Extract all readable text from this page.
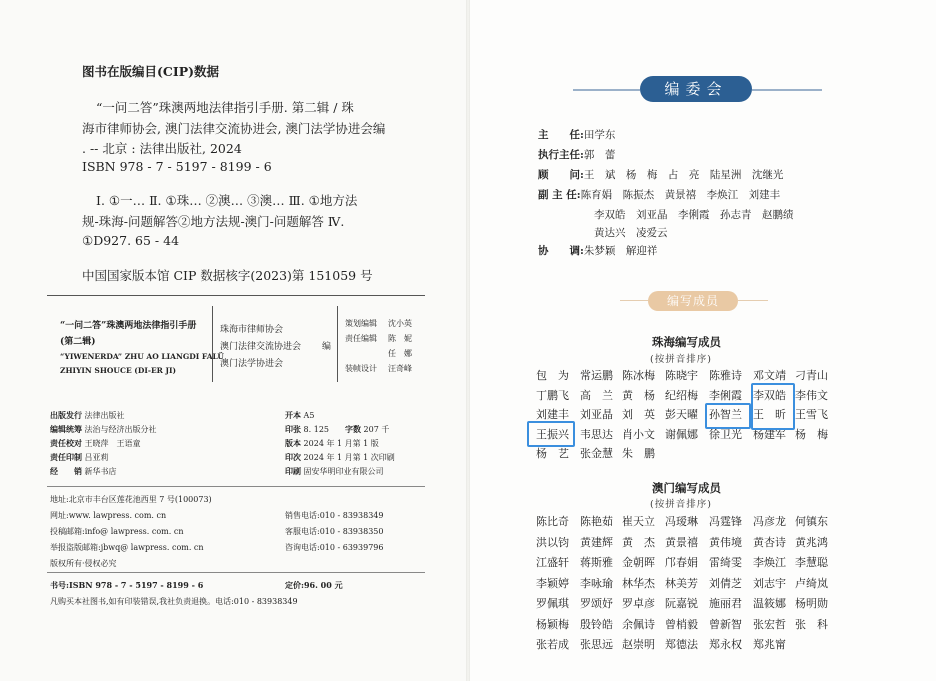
图书在版编目(CIP)数据
“一问二答”珠澳两地法律指引手册. 第二辑 / 珠
海市律师协会, 澳门法律交流协进会, 澳门法学协进会编
. -- 北京 : 法律出版社, 2024
ISBN 978 - 7 - 5197 - 8199 - 6
Ⅰ. ①一… Ⅱ. ①珠… ②澳… ③澳… Ⅲ. ①地方法
规-珠海-问题解答②地方法规-澳门-问题解答 Ⅳ.
①D927. 65 - 44
中国国家版本馆 CIP 数据核字(2023)第 151059 号
“一问二答”珠澳两地法律指引手册
(第二辑)
“YIWENERDA” ZHU AO LIANGDI FALÜ
ZHIYIN SHOUCE (DI-ER JI)
珠海市律师协会
澳门法律交流协进会
澳门法学协进会
编
策划编辑 沈小英
责任编辑 陈　妮
任　娜
装帧设计 汪奇峰
出版发行 法律出版社
编辑统筹 法治与经济出版分社
责任校对 王晓萍　王语童
责任印制 吕亚莉
经　　销 新华书店
开本 A5
印张 8. 125   字数 207 千
版本 2024 年 1 月第 1 版
印次 2024 年 1 月第 1 次印刷
印刷 固安华明印业有限公司
地址:北京市丰台区莲花池西里 7 号(100073)
网址:www. lawpress. com. cn
投稿邮箱:info@ lawpress. com. cn
举报盗版邮箱:jbwq@ lawpress. com. cn
版权所有·侵权必究
销售电话:010 - 83938349
客服电话:010 - 83938350
咨询电话:010 - 63939796
书号:ISBN 978 - 7 - 5197 - 8199 - 6	定价:96. 00 元
凡购买本社图书,如有印装错误,我社负责退换。电话:010 - 83938349
编委会
主　　任:田学东
执行主任:郭　蕾
顾　　问:王　斌　杨　梅　占　亮　陆星洲　沈继光
副 主 任:陈育娟　陈振杰　黄景禧　李焕江　刘建丰
李双皓　刘亚晶　李俐霞　孙志青　赵鹏绩
黄达兴　凌爱云
协　　调:朱梦颖　解迎祥
编写成员
珠海编写成员
(按拼音排序)
包　为 常运鹏 陈冰梅 陈晓宇 陈雅诗 邓文靖 刁青山
丁鹏飞 高　兰 黄　杨 纪绍梅 李俐霞 李双皓 李伟文
刘建丰 刘亚晶 刘　英 彭天曜 孙智兰 王　昕 王雪飞
王振兴 韦思达 肖小文 谢佩娜 徐卫光 杨建军 杨　梅
杨　艺 张金慧 朱　鹏
澳门编写成员
(按拼音排序)
陈比奇 陈艳茹 崔天立 冯瑷琳 冯霆锋 冯彦龙 何镇东
洪以钧 黄建辉 黄　杰 黄景禧 黄伟境 黄杏诗 黄兆鸿
江盛轩 蒋斯雅 金朝晖 邝春娟 雷绮雯 李焕江 李慧聪
李颖婷 李咏瑜 林华杰 林美芳 刘倩芝 刘志宇 卢绮岚
罗佩琪 罗颂妤 罗卓彦 阮嘉锐 施丽君 温筱娜 杨明勋
杨颖梅 殷铃皓 余佩诗 曾梢毅 曾新智 张宏哲 张　科
张若成 张思远 赵崇明 郑德法 郑永权 郑兆甯
